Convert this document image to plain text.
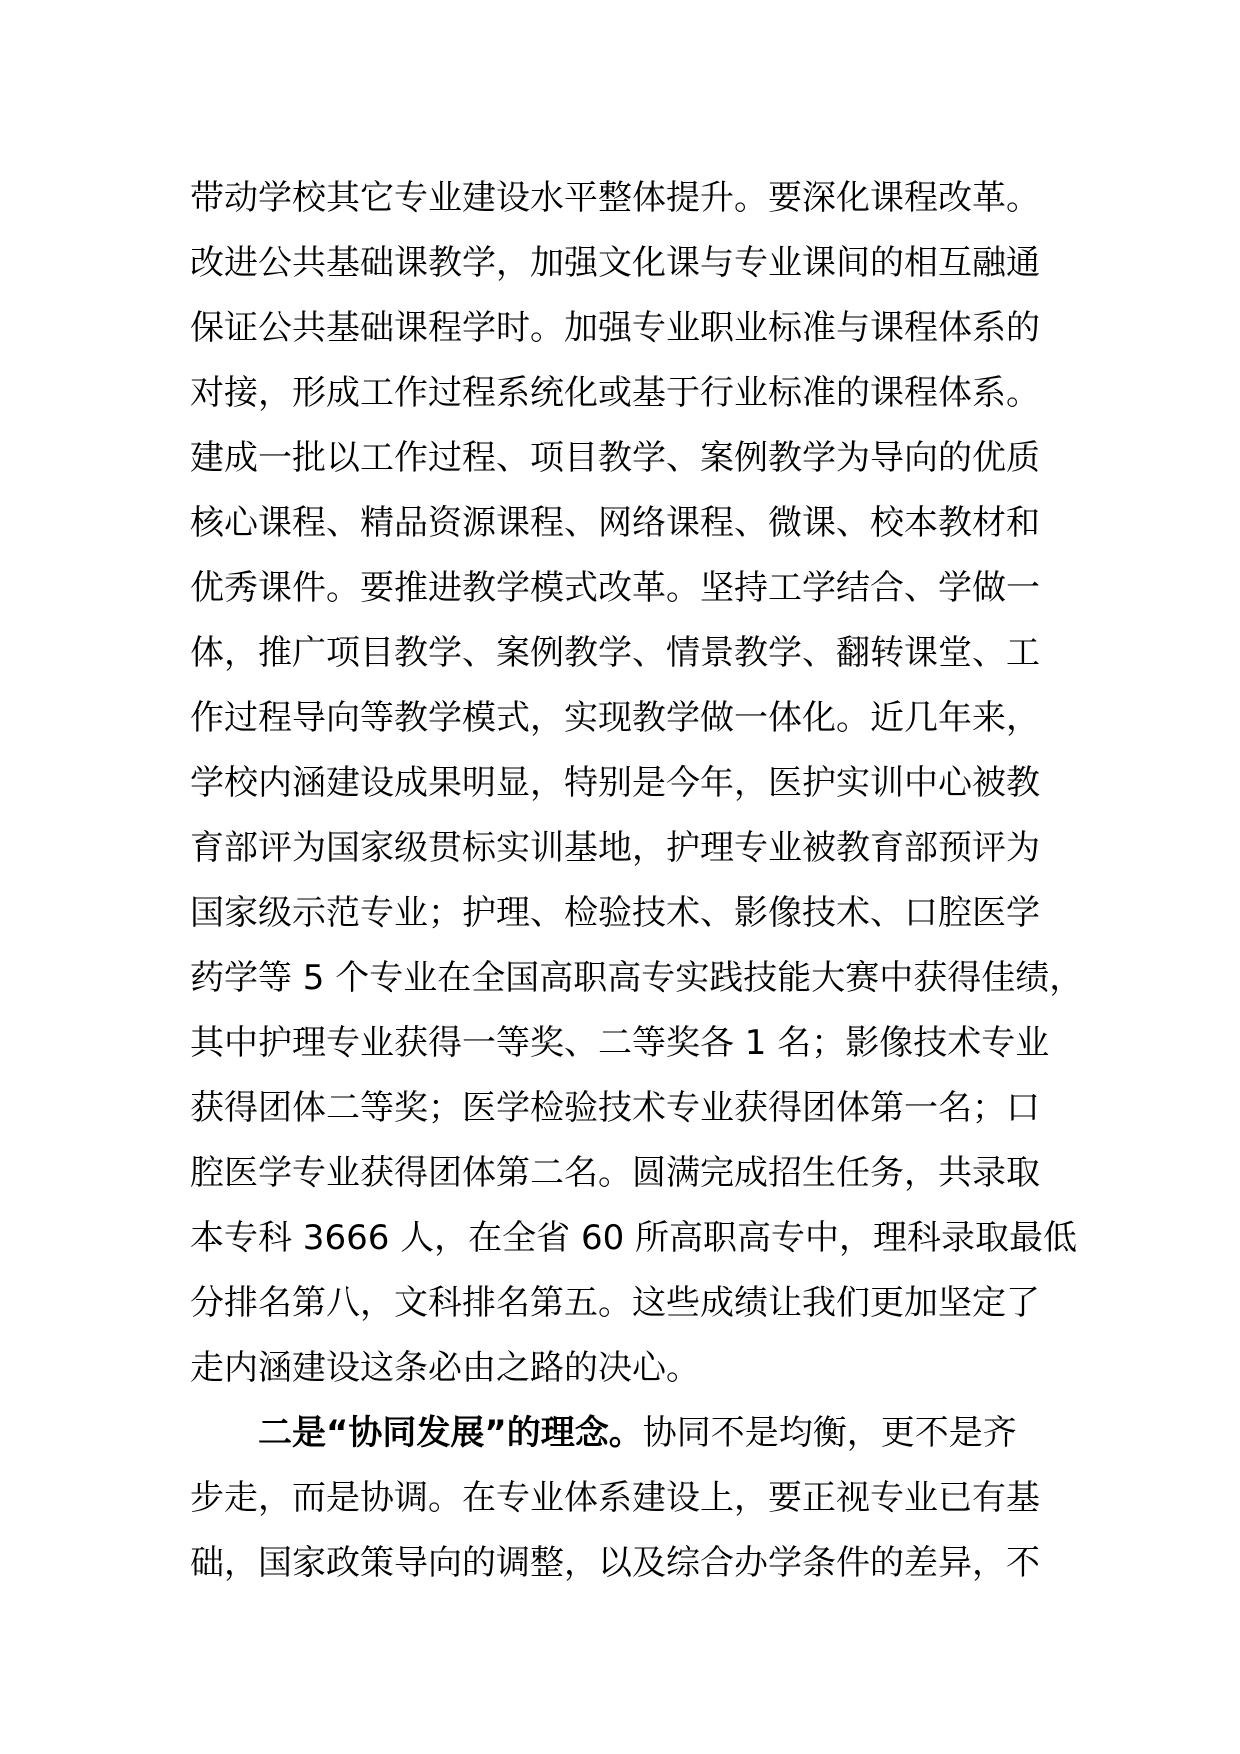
带动学校其它专业建设水平整体提升。要深化课程改革。
改进公共基础课教学，加强文化课与专业课间的相互融通
保证公共基础课程学时。加强专业职业标准与课程体系的
对接，形成工作过程系统化或基于行业标准的课程体系。
建成一批以工作过程、项目教学、案例教学为导向的优质
核心课程、精品资源课程、网络课程、微课、校本教材和
优秀课件。要推进教学模式改革。坚持工学结合、学做一
体，推广项目教学、案例教学、情景教学、翻转课堂、工
作过程导向等教学模式，实现教学做一体化。近几年来，
学校内涵建设成果明显，特别是今年，医护实训中心被教
育部评为国家级贯标实训基地，护理专业被教育部预评为
国家级示范专业；护理、检验技术、影像技术、口腔医学
药学等 5 个专业在全国高职高专实践技能大赛中获得佳绩，
其中护理专业获得一等奖、二等奖各 1 名；影像技术专业
获得团体二等奖；医学检验技术专业获得团体第一名；口
腔医学专业获得团体第二名。圆满完成招生任务，共录取
本专科 3666 人，在全省 60 所高职高专中，理科录取最低
分排名第八，文科排名第五。这些成绩让我们更加坚定了
走内涵建设这条必由之路的决心。
二是“协同发展”的理念。协同不是均衡，更不是齐
步走，而是协调。在专业体系建设上，要正视专业已有基
础，国家政策导向的调整，以及综合办学条件的差异，不
